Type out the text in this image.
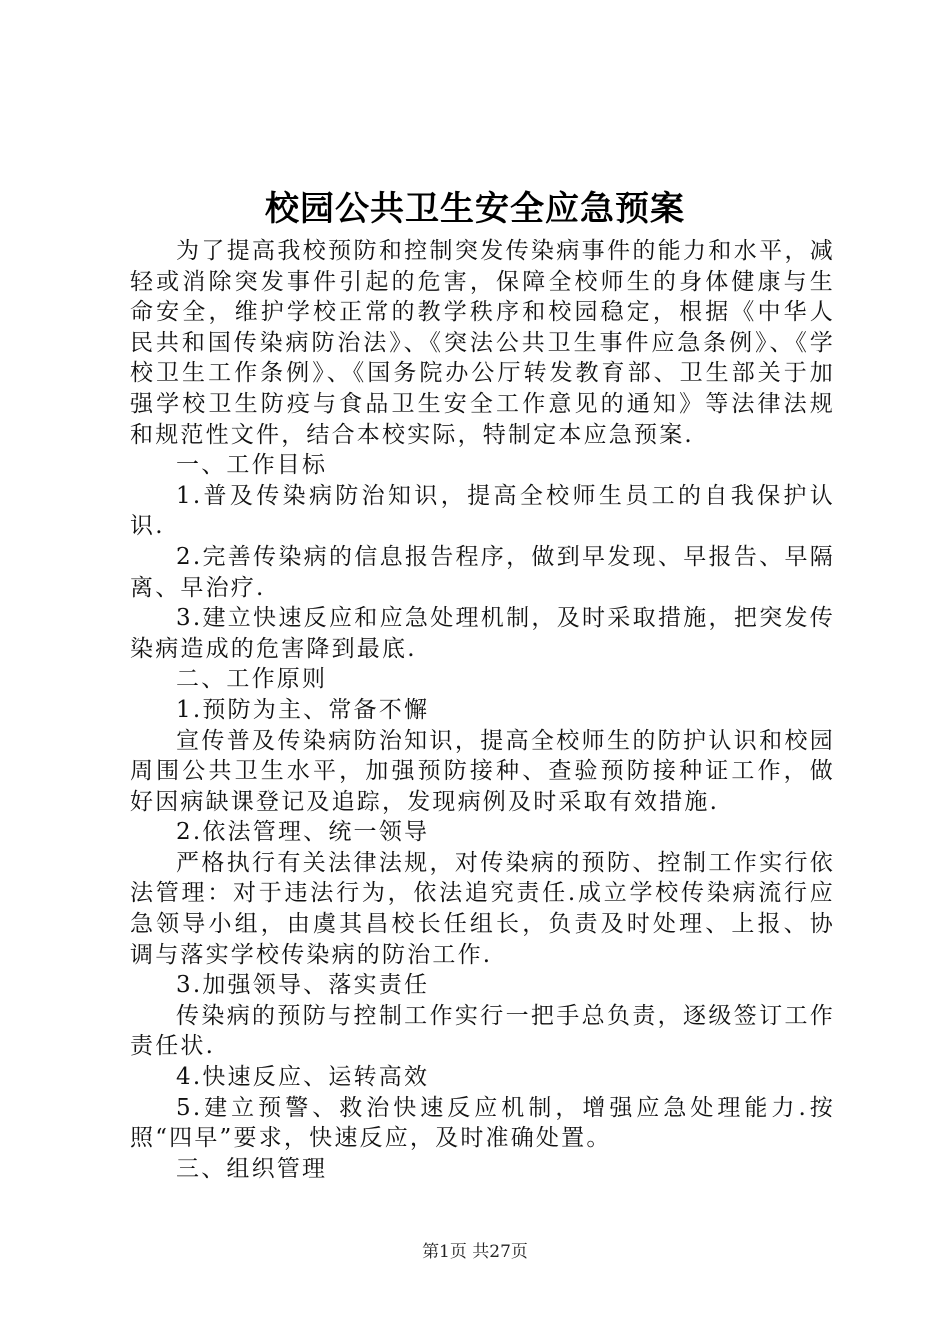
校园公共卫生安全应急预案

为了提高我校预防和控制突发传染病事件的能力和水平，减轻或消除突发事件引起的危害，保障全校师生的身体健康与生命安全，维护学校正常的教学秩序和校园稳定，根据《中华人民共和国传染病防治法》、《突法公共卫生事件应急条例》、《学校卫生工作条例》、《国务院办公厅转发教育部、卫生部关于加强学校卫生防疫与食品卫生安全工作意见的通知》等法律法规和规范性文件，结合本校实际，特制定本应急预案.

一、工作目标

1.普及传染病防治知识，提高全校师生员工的自我保护认识.

2.完善传染病的信息报告程序，做到早发现、早报告、早隔离、早治疗.

3.建立快速反应和应急处理机制，及时采取措施，把突发传染病造成的危害降到最底.

二、工作原则

1.预防为主、常备不懈

宣传普及传染病防治知识，提高全校师生的防护认识和校园周围公共卫生水平，加强预防接种、查验预防接种证工作，做好因病缺课登记及追踪，发现病例及时采取有效措施.

2.依法管理、统一领导

严格执行有关法律法规，对传染病的预防、控制工作实行依法管理：对于违法行为，依法追究责任.成立学校传染病流行应急领导小组，由虞其昌校长任组长，负责及时处理、上报、协调与落实学校传染病的防治工作.

3.加强领导、落实责任

传染病的预防与控制工作实行一把手总负责，逐级签订工作责任状.

4.快速反应、运转高效

5.建立预警、救治快速反应机制，增强应急处理能力.按照“四早”要求，快速反应，及时准确处置。

三、组织管理

第1页 共27页
